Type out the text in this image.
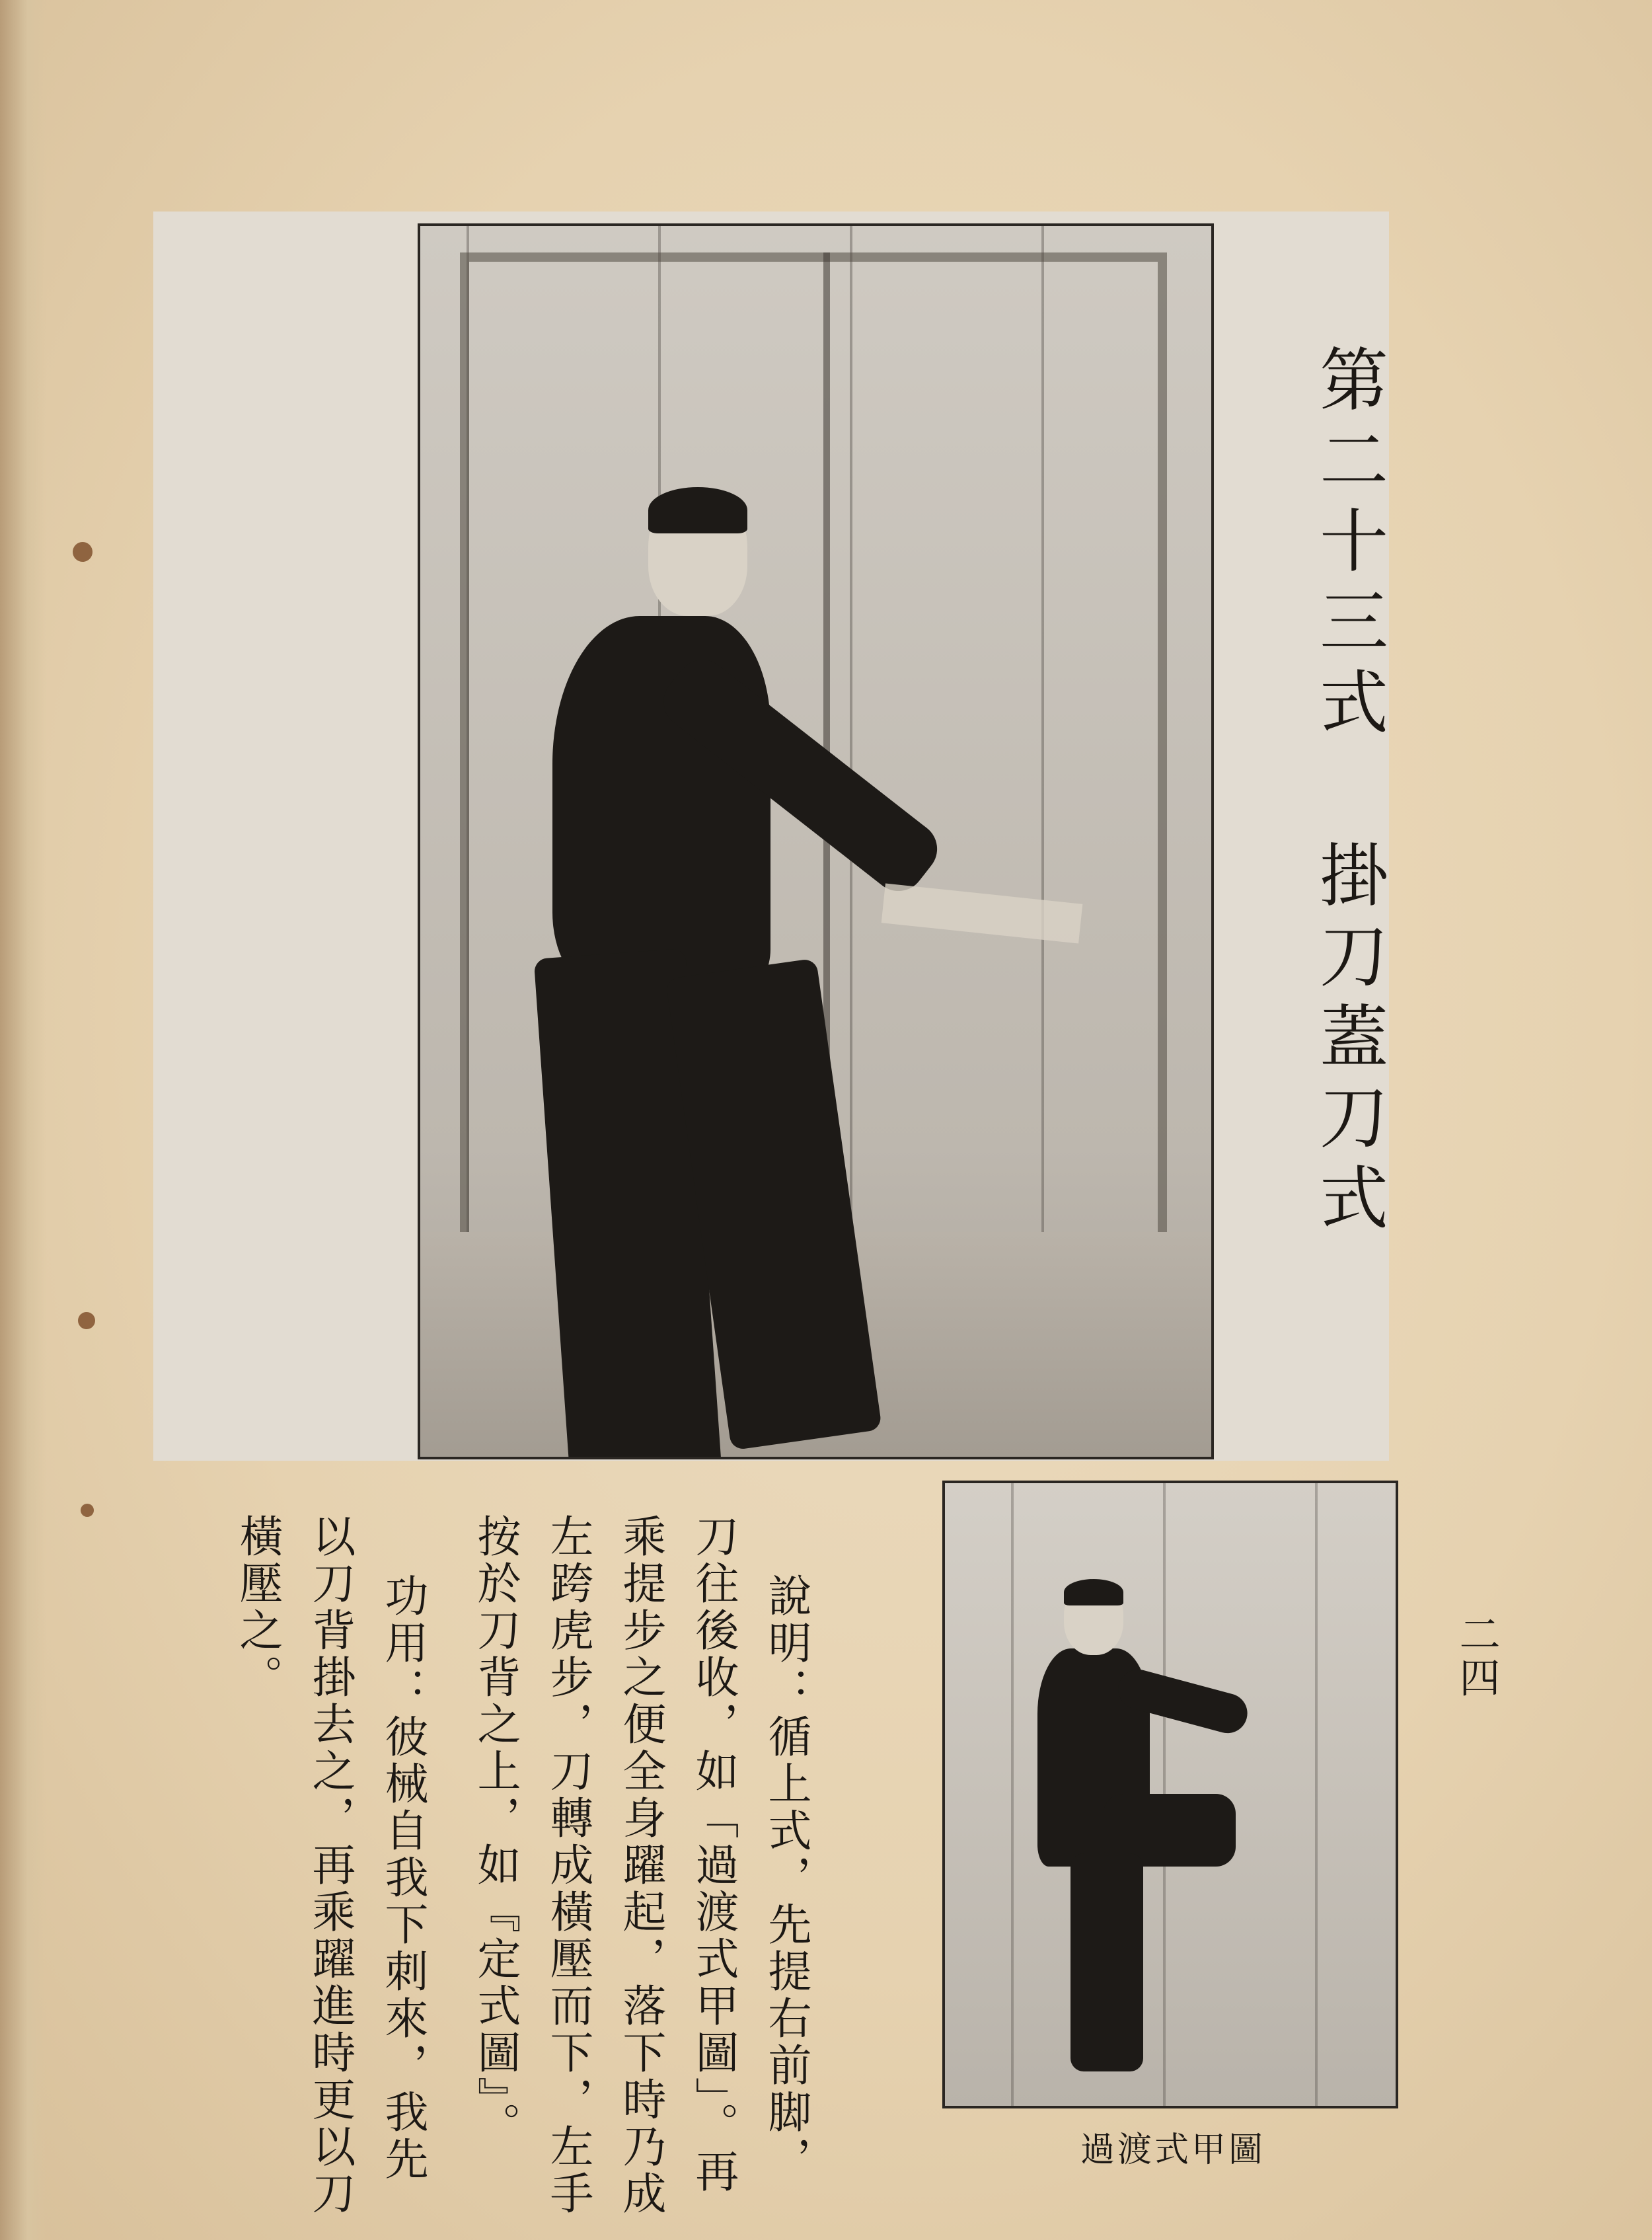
第二十三式 掛刀蓋刀式
說明：循上式，先提右前脚，
刀往後收，如「過渡式甲圖」。再
乘提步之便全身躍起，落下時乃成
左跨虎步，刀轉成橫壓而下，左手
按於刀背之上，如『定式圖』。
功用：彼械自我下刺來，我先
以刀背掛去之，再乘躍進時更以刀
橫壓之。
過渡式甲圖
二四
